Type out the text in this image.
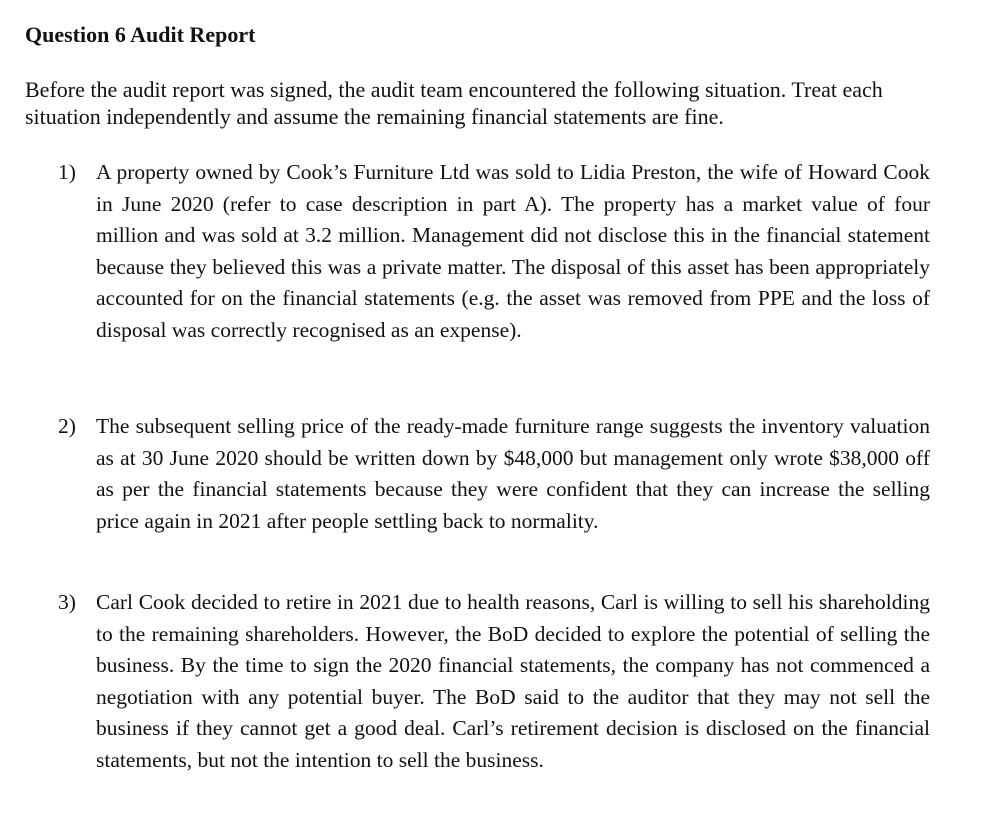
Question 6 Audit Report

Before the audit report was signed, the audit team encountered the following situation. Treat each situation independently and assume the remaining financial statements are fine.

1) A property owned by Cook’s Furniture Ltd was sold to Lidia Preston, the wife of Howard Cook in June 2020 (refer to case description in part A). The property has a market value of four million and was sold at 3.2 million. Management did not disclose this in the financial statement because they believed this was a private matter. The disposal of this asset has been appropriately accounted for on the financial statements (e.g. the asset was removed from PPE and the loss of disposal was correctly recognised as an expense).
2) The subsequent selling price of the ready-made furniture range suggests the inventory valuation as at 30 June 2020 should be written down by $48,000 but management only wrote $38,000 off as per the financial statements because they were confident that they can increase the selling price again in 2021 after people settling back to normality.
3) Carl Cook decided to retire in 2021 due to health reasons, Carl is willing to sell his shareholding to the remaining shareholders. However, the BoD decided to explore the potential of selling the business. By the time to sign the 2020 financial statements, the company has not commenced a negotiation with any potential buyer. The BoD said to the auditor that they may not sell the business if they cannot get a good deal. Carl’s retirement decision is disclosed on the financial statements, but not the intention to sell the business.
